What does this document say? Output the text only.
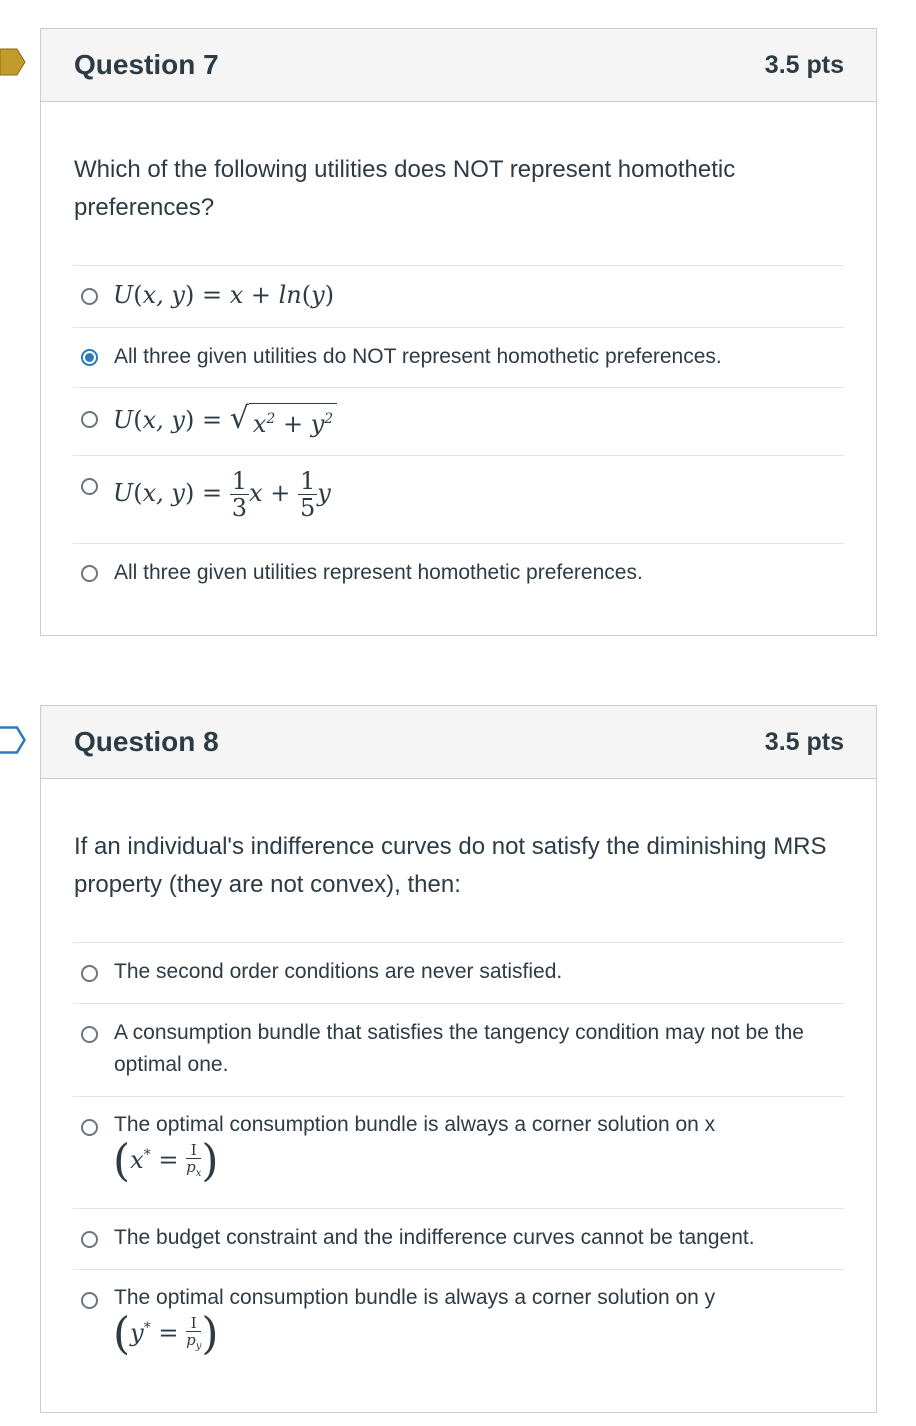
Question 7	3.5 pts
Which of the following utilities does NOT represent homothetic preferences?
U(x, y) = x + ln(y)
All three given utilities do NOT represent homothetic preferences.
U(x, y) = √ $x^2 + y^2$
U(x, $y) = \frac{1}{3}$ $x + \frac{1}{5}$ y
All three given utilities represent homothetic preferences.
Question 8	3.5 pts
If an individual's indifference curves do not satisfy the diminishing MRS property (they are not convex), then:
The second order conditions are never satisfied.
A consumption bundle that satisfies the tangency condition may not be the optimal one.
The optimal consumption bundle is always a corner solution on x
($x^* = \frac{I}{p_x}$ )
The budget constraint and the indifference curves cannot be tangent.
The optimal consumption bundle is always a corner solution on y
($y^* = \frac{I}{p_y}$ )
